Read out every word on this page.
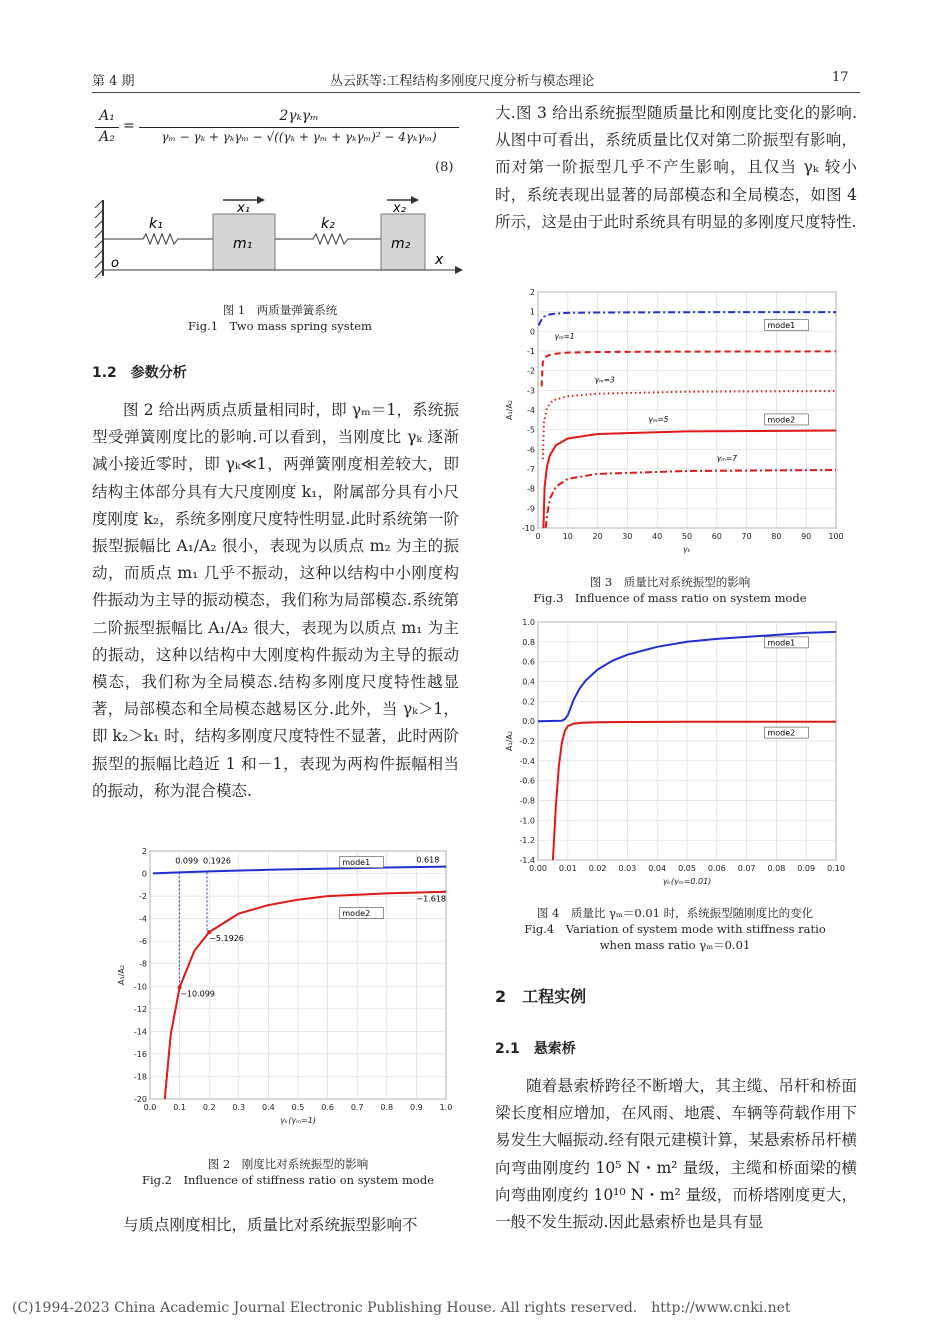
第 4 期	丛云跃等:工程结构多刚度尺度分析与模态理论	17
A₁
A₂
=
2γₖγₘ
γₘ − γₖ + γₖγₘ − √((γₖ + γₘ + γₖγₘ)² − 4γₖγₘ)
(8)
k₁	k₂
m₁	m₂
x₁	x₂
o	x
图 1　两质量弹簧系统
Fig.1　Two mass spring system
1.2　参数分析
图 2 给出两质点质量相同时，即 γₘ＝1，系统振型受弹簧刚度比的影响.可以看到，当刚度比 γₖ 逐渐减小接近零时，即 γₖ≪1，两弹簧刚度相差较大，即结构主体部分具有大尺度刚度 k₁，附属部分具有小尺度刚度 k₂，系统多刚度尺度特性明显.此时系统第一阶振型振幅比 A₁/A₂ 很小，表现为以质点 m₂ 为主的振动，而质点 m₁ 几乎不振动，这种以结构中小刚度构件振动为主导的振动模态，我们称为局部模态.系统第二阶振型振幅比 A₁/A₂ 很大，表现为以质点 m₁ 为主的振动，这种以结构中大刚度构件振动为主导的振动模态，我们称为全局模态.结构多刚度尺度特性越显著，局部模态和全局模态越易区分.此外，当 γₖ＞1，即 k₂＞k₁ 时，结构多刚度尺度特性不显著，此时两阶振型的振幅比趋近 1 和－1，表现为两构件振幅相当的振动，称为混合模态.
0.0 0.1 0.2 0.3 0.4 0.5 0.6 0.7 0.8 0.9 1.0
2
0
-2
-4
-6
-8
-10
-12
-14
-16
-18
-20
γₖ(γₘ=1)
A₁/A₂
0.099 0.1926	0.618
−1.618
−5.1926
−10.099
mode1
mode2
图 2　刚度比对系统振型的影响
Fig.2　Influence of stiffness ratio on system mode
与质点刚度相比，质量比对系统振型影响不
大.图 3 给出系统振型随质量比和刚度比变化的影响.从图中可看出，系统质量比仅对第二阶振型有影响，而对第一阶振型几乎不产生影响，且仅当 γₖ 较小时，系统表现出显著的局部模态和全局模态，如图 4 所示，这是由于此时系统具有明显的多刚度尺度特性.
0	10 20 30 40 50 60 70 80 90 100
2
1
0
-1
-2
-3
-4
-5
-6
-7
-8
-9
-10
γₖ
A₁/A₂
mode1
mode2
γₘ=1
γₘ=3
γₘ=5
γₘ=7
图 3　质量比对系统振型的影响
Fig.3　Influence of mass ratio on system mode
0.00 0.01 0.02 0.03 0.04 0.05 0.06 0.07 0.08 0.09 0.10
1.0
0.8
0.6
0.4
0.2
0.0
-0.2
-0.4
-0.6
-0.8
-1.0
-1.2
-1.4
γₖ(γₘ=0.01)
A₁/A₂
mode1
mode2
图 4　质量比 γₘ＝0.01 时，系统振型随刚度比的变化
Fig.4　Variation of system mode with stiffness ratio
when mass ratio γₘ＝0.01
2　工程实例
2.1　悬索桥
随着悬索桥跨径不断增大，其主缆、吊杆和桥面梁长度相应增加，在风雨、地震、车辆等荷载作用下易发生大幅振动.经有限元建模计算，某悬索桥吊杆横向弯曲刚度约 10⁵ N・m² 量级，主缆和桥面梁的横向弯曲刚度约 10¹⁰ N・m² 量级，而桥塔刚度更大，一般不发生振动.因此悬索桥也是具有显
(C)1994-2023 China Academic Journal Electronic Publishing House. All rights reserved.　http://www.cnki.net
